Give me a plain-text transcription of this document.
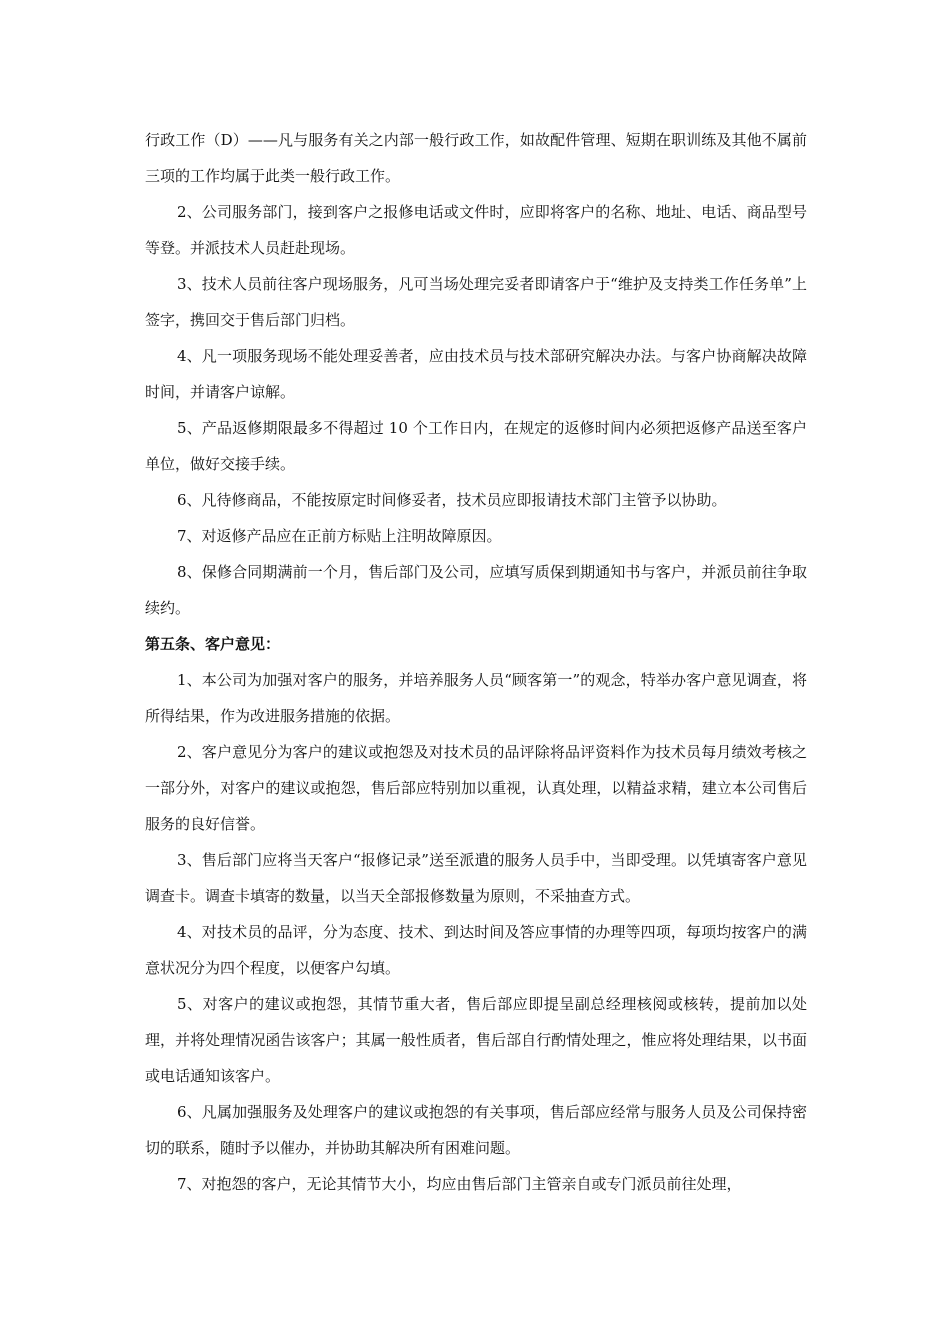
行政工作（D）——凡与服务有关之内部一般行政工作，如故配件管理、短期在职训练及其他不属前三项的工作均属于此类一般行政工作。

2、公司服务部门，接到客户之报修电话或文件时，应即将客户的名称、地址、电话、商品型号等登。并派技术人员赶赴现场。

3、技术人员前往客户现场服务，凡可当场处理完妥者即请客户于“维护及支持类工作任务单”上签字，携回交于售后部门归档。

4、凡一项服务现场不能处理妥善者，应由技术员与技术部研究解决办法。与客户协商解决故障时间，并请客户谅解。

5、产品返修期限最多不得超过 10 个工作日内，在规定的返修时间内必须把返修产品送至客户单位，做好交接手续。

6、凡待修商品，不能按原定时间修妥者，技术员应即报请技术部门主管予以协助。

7、对返修产品应在正前方标贴上注明故障原因。

8、保修合同期满前一个月，售后部门及公司，应填写质保到期通知书与客户，并派员前往争取续约。

第五条、客户意见：

1、本公司为加强对客户的服务，并培养服务人员“顾客第一”的观念，特举办客户意见调查，将所得结果，作为改进服务措施的依据。

2、客户意见分为客户的建议或抱怨及对技术员的品评除将品评资料作为技术员每月绩效考核之一部分外，对客户的建议或抱怨，售后部应特别加以重视，认真处理，以精益求精，建立本公司售后服务的良好信誉。

3、售后部门应将当天客户“报修记录”送至派遣的服务人员手中，当即受理。以凭填寄客户意见调查卡。调查卡填寄的数量，以当天全部报修数量为原则，不采抽查方式。

4、对技术员的品评，分为态度、技术、到达时间及答应事情的办理等四项，每项均按客户的满意状况分为四个程度，以便客户勾填。

5、对客户的建议或抱怨，其情节重大者，售后部应即提呈副总经理核阅或核转，提前加以处理，并将处理情况函告该客户；其属一般性质者，售后部自行酌情处理之，惟应将处理结果，以书面或电话通知该客户。

6、凡属加强服务及处理客户的建议或抱怨的有关事项，售后部应经常与服务人员及公司保持密切的联系，随时予以催办，并协助其解决所有困难问题。

7、对抱怨的客户，无论其情节大小，均应由售后部门主管亲自或专门派员前往处理，
